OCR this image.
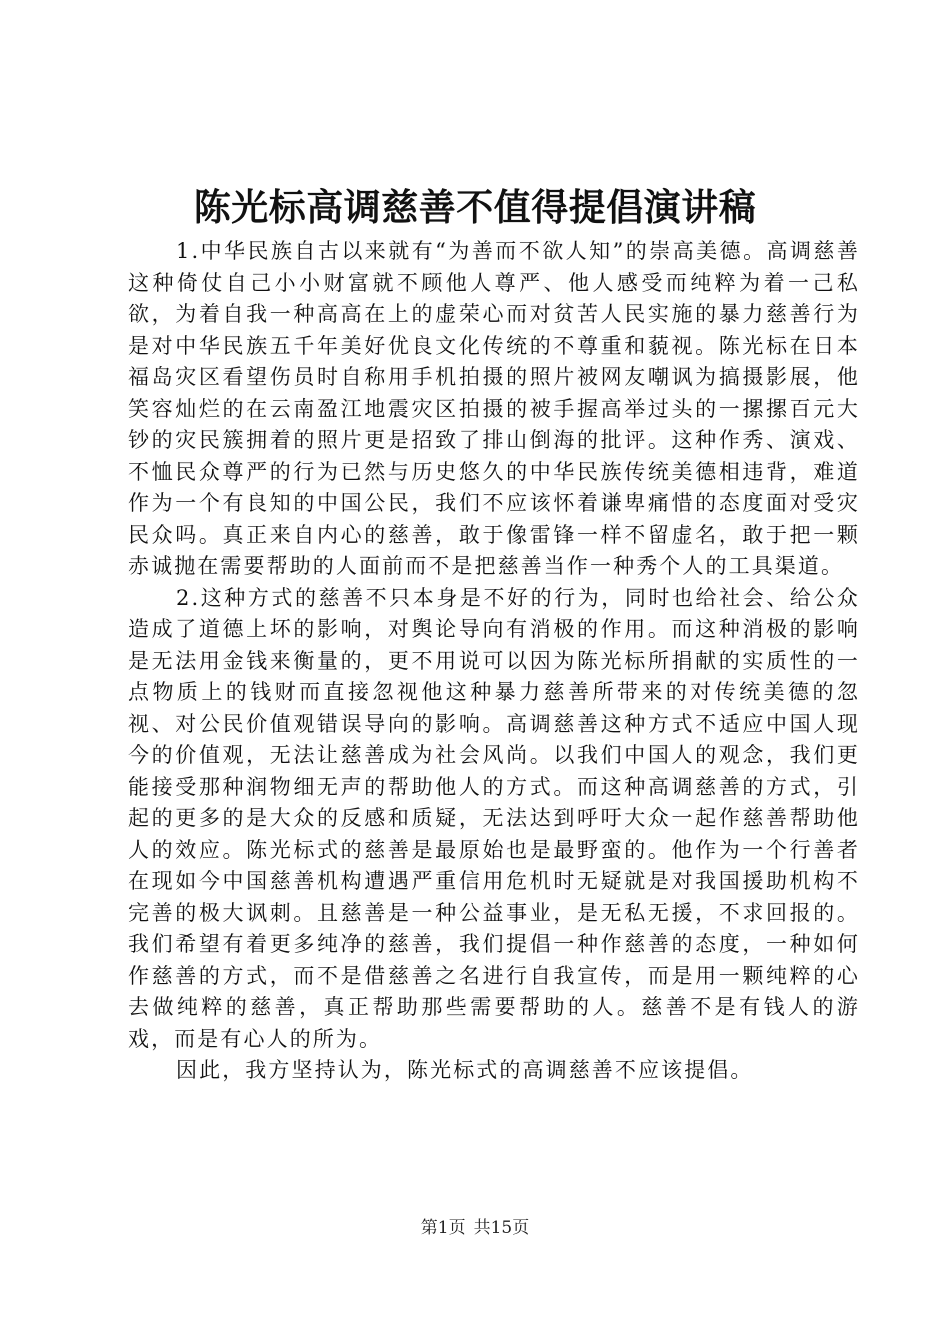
陈光标高调慈善不值得提倡演讲稿

1.中华民族自古以来就有“为善而不欲人知”的崇高美德。高调慈善这种倚仗自己小小财富就不顾他人尊严、他人感受而纯粹为着一己私欲，为着自我一种高高在上的虚荣心而对贫苦人民实施的暴力慈善行为是对中华民族五千年美好优良文化传统的不尊重和藐视。陈光标在日本福岛灾区看望伤员时自称用手机拍摄的照片被网友嘲讽为搞摄影展，他笑容灿烂的在云南盈江地震灾区拍摄的被手握高举过头的一摞摞百元大钞的灾民簇拥着的照片更是招致了排山倒海的批评。这种作秀、演戏、不恤民众尊严的行为已然与历史悠久的中华民族传统美德相违背，难道作为一个有良知的中国公民，我们不应该怀着谦卑痛惜的态度面对受灾民众吗。真正来自内心的慈善，敢于像雷锋一样不留虚名，敢于把一颗赤诚抛在需要帮助的人面前而不是把慈善当作一种秀个人的工具渠道。

2.这种方式的慈善不只本身是不好的行为，同时也给社会、给公众造成了道德上坏的影响，对舆论导向有消极的作用。而这种消极的影响是无法用金钱来衡量的，更不用说可以因为陈光标所捐献的实质性的一点物质上的钱财而直接忽视他这种暴力慈善所带来的对传统美德的忽视、对公民价值观错误导向的影响。高调慈善这种方式不适应中国人现今的价值观，无法让慈善成为社会风尚。以我们中国人的观念，我们更能接受那种润物细无声的帮助他人的方式。而这种高调慈善的方式，引起的更多的是大众的反感和质疑，无法达到呼吁大众一起作慈善帮助他人的效应。陈光标式的慈善是最原始也是最野蛮的。他作为一个行善者在现如今中国慈善机构遭遇严重信用危机时无疑就是对我国援助机构不完善的极大讽刺。且慈善是一种公益事业，是无私无援，不求回报的。我们希望有着更多纯净的慈善，我们提倡一种作慈善的态度，一种如何作慈善的方式，而不是借慈善之名进行自我宣传，而是用一颗纯粹的心去做纯粹的慈善，真正帮助那些需要帮助的人。慈善不是有钱人的游戏，而是有心人的所为。

因此，我方坚持认为，陈光标式的高调慈善不应该提倡。

第1页 共15页
